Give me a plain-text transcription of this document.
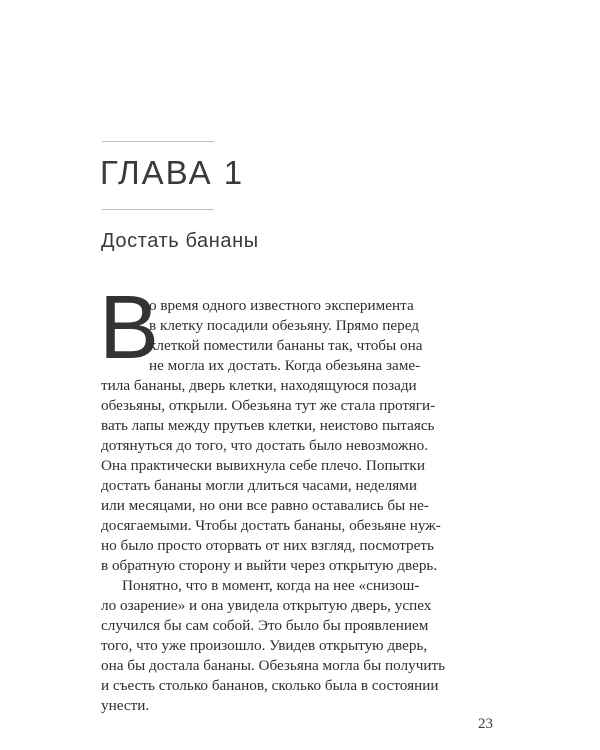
ГЛАВА 1
Достать бананы
В
о время одного известного эксперимента
в клетку посадили обезьяну. Прямо перед
клеткой поместили бананы так, чтобы она
не могла их достать. Когда обезьяна заме-
тила бананы, дверь клетки, находящуюся позади
обезьяны, открыли. Обезьяна тут же стала протяги-
вать лапы между прутьев клетки, неистово пытаясь
дотянуться до того, что достать было невозможно.
Она практически вывихнула себе плечо. Попытки
достать бананы могли длиться часами, неделями
или месяцами, но они все равно оставались бы не-
досягаемыми. Чтобы достать бананы, обезьяне нуж-
но было просто оторвать от них взгляд, посмотреть
в обратную сторону и выйти через открытую дверь.
Понятно, что в момент, когда на нее «снизош-
ло озарение» и она увидела открытую дверь, успех
случился бы сам собой. Это было бы проявлением
того, что уже произошло. Увидев открытую дверь,
она бы достала бананы. Обезьяна могла бы получить
и съесть столько бананов, сколько была в состоянии
унести.
23
